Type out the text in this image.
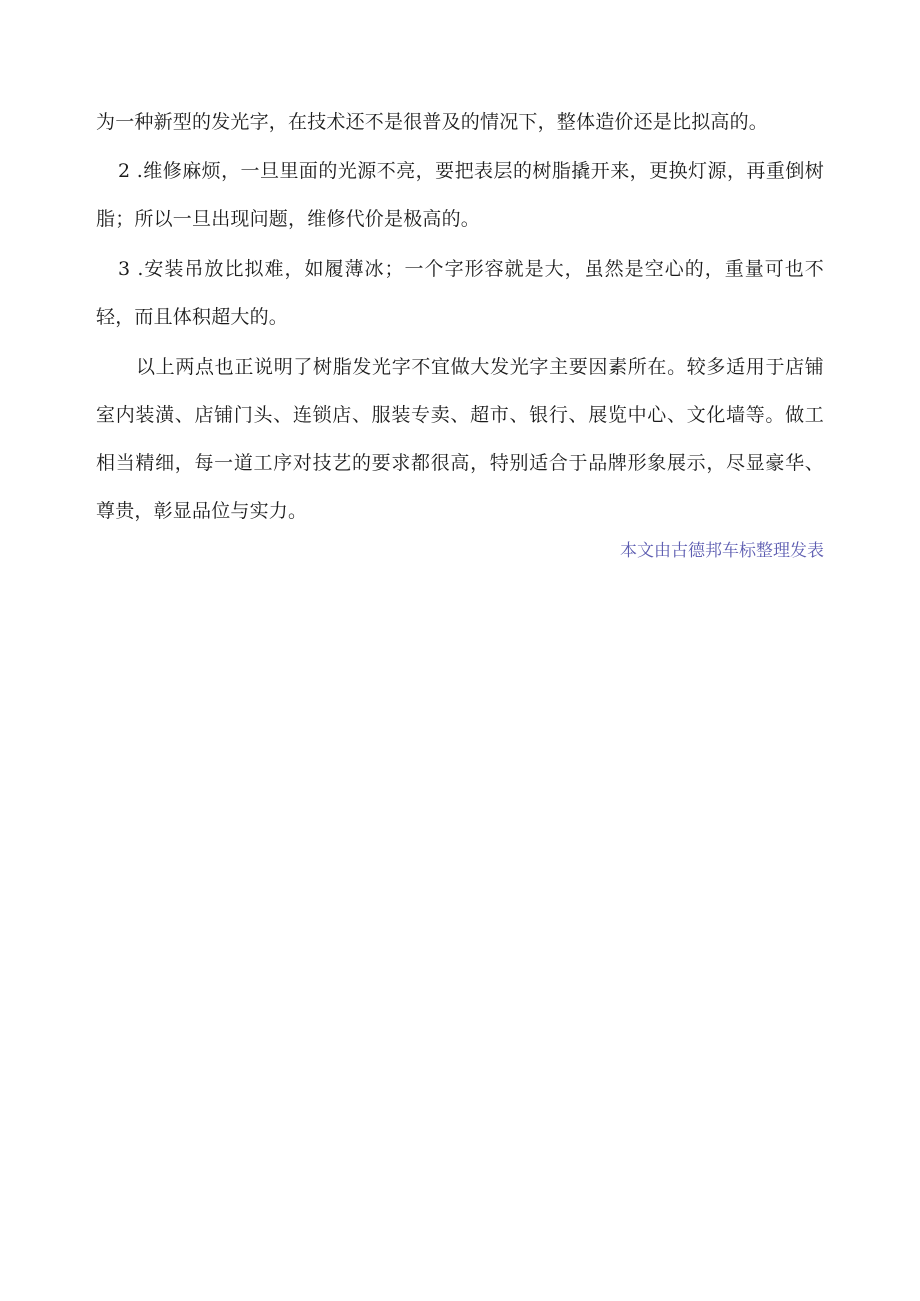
为一种新型的发光字，在技术还不是很普及的情况下，整体造价还是比拟高的。

2 .维修麻烦，一旦里面的光源不亮，要把表层的树脂撬开来，更换灯源，再重倒树脂；所以一旦出现问题，维修代价是极高的。

3 .安装吊放比拟难，如履薄冰；一个字形容就是大，虽然是空心的，重量可也不轻，而且体积超大的。

以上两点也正说明了树脂发光字不宜做大发光字主要因素所在。较多适用于店铺室内装潢、店铺门头、连锁店、服装专卖、超市、银行、展览中心、文化墙等。做工相当精细，每一道工序对技艺的要求都很高，特别适合于品牌形象展示，尽显豪华、尊贵，彰显品位与实力。

本文由古德邦车标整理发表
